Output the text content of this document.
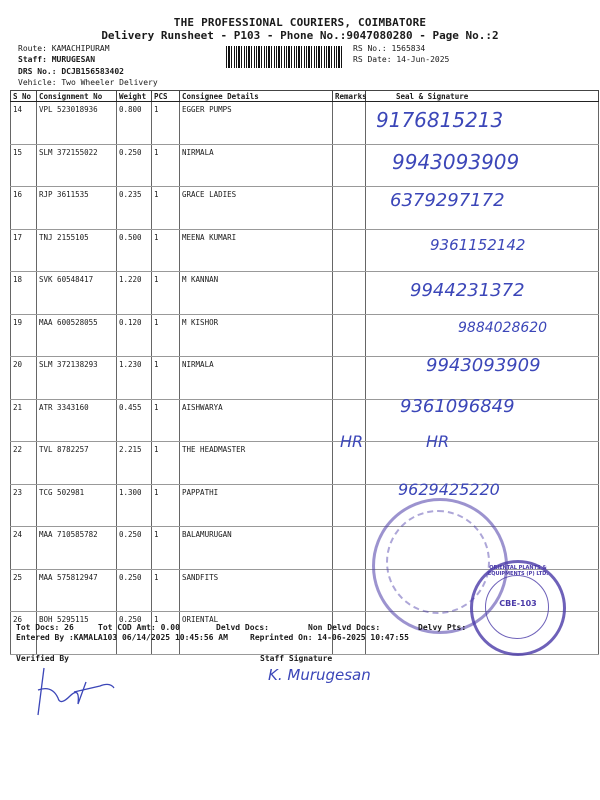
THE PROFESSIONAL COURIERS, COIMBATORE
Delivery Runsheet - P103 - Phone No.:9047080280 - Page No.:2
Route: KAMACHIPURAM
Staff: MURUGESAN
DRS No.: DCJB156583402
Vehicle: Two Wheeler Delivery
RS No.: 1565834
RS Date: 14-Jun-2025
S No	Consignment No	Weight	PCS	Consignee Details	Remarks	Seal & Signature
14	VPL 523018936	0.800	1	EGGER PUMPS		
15	SLM 372155022	0.250	1	NIRMALA		
16	RJP 3611535	0.235	1	GRACE LADIES		
17	TNJ 2155105	0.500	1	MEENA KUMARI		
18	SVK 60548417	1.220	1	M KANNAN		
19	MAA 600528055	0.120	1	M KISHOR		
20	SLM 372138293	1.230	1	NIRMALA		
21	ATR 3343160	0.455	1	AISHWARYA		
22	TVL 8782257	2.215	1	THE HEADMASTER		
23	TCG 502981	1.300	1	PAPPATHI		
24	MAA 710585782	0.250	1	BALAMURUGAN		
25	MAA 575812947	0.250	1	SANDFITS		
26	BOH 5295115	0.250	1	ORIENTAL		
9176815213
9943093909
6379297172
9361152142
9944231372
9884028620
9943093909
9361096849
HR	HR
9629425220
CBE-103
ORIENTAL PLANTS & EQUIPMENTS (P) LTD.
Tot Docs: 26	Tot COD Amt: 0.00	Delvd Docs:	Non Delvd Docs:	Delvy Pts:
Entered By :KAMALA103 06/14/2025 10:45:56 AM	Reprinted On: 14-06-2025 10:47:55
Verified By	Staff Signature
K. Murugesan
